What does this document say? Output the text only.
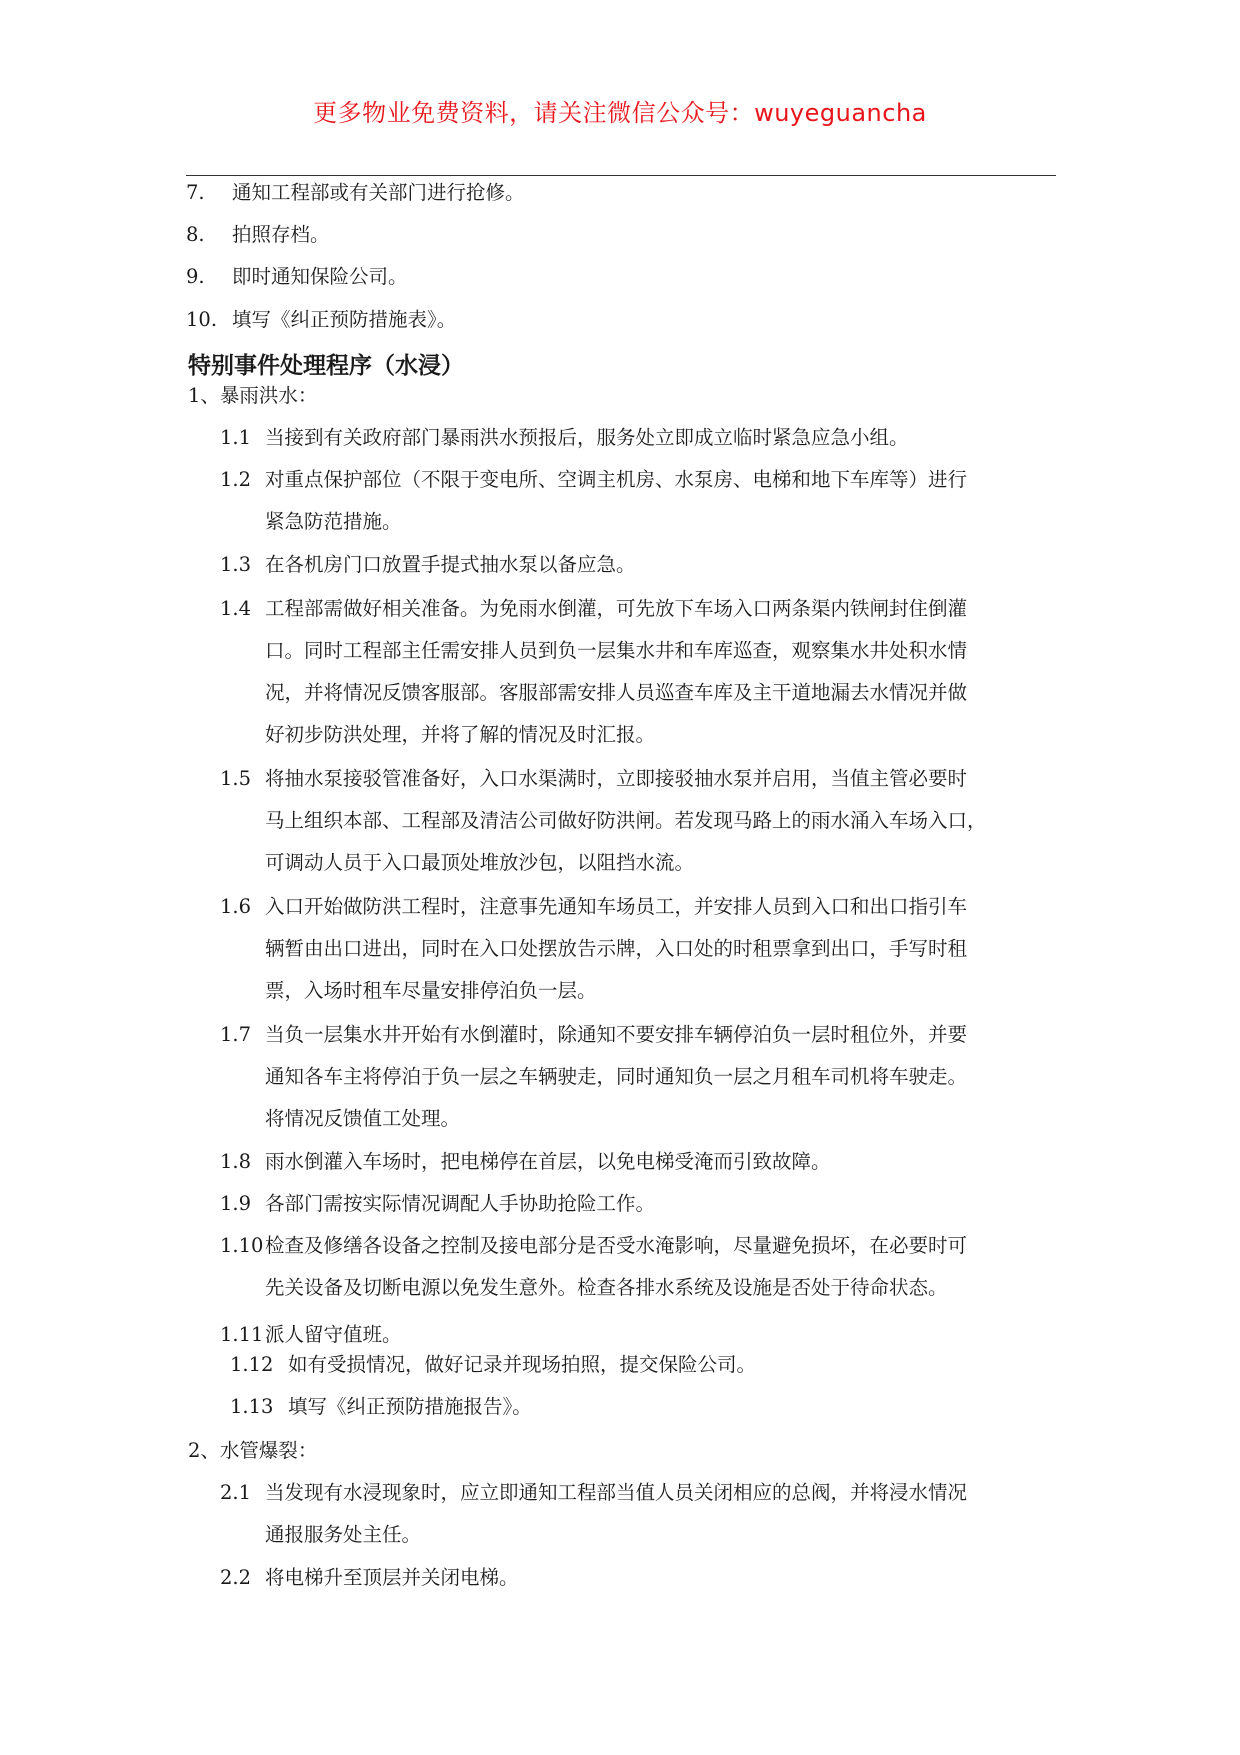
更多物业免费资料，请关注微信公众号：wuyeguancha
7. 通知工程部或有关部门进行抢修。
8. 拍照存档。
9. 即时通知保险公司。
10. 填写《纠正预防措施表》。
特别事件处理程序（水浸）
1、暴雨洪水：
1.1 当接到有关政府部门暴雨洪水预报后，服务处立即成立临时紧急应急小组。
1.2 对重点保护部位（不限于变电所、空调主机房、水泵房、电梯和地下车库等）进行
紧急防范措施。
1.3 在各机房门口放置手提式抽水泵以备应急。
1.4 工程部需做好相关准备。为免雨水倒灌，可先放下车场入口两条渠内铁闸封住倒灌
口。同时工程部主任需安排人员到负一层集水井和车库巡查，观察集水井处积水情
况，并将情况反馈客服部。客服部需安排人员巡查车库及主干道地漏去水情况并做
好初步防洪处理，并将了解的情况及时汇报。
1.5 将抽水泵接驳管准备好，入口水渠满时，立即接驳抽水泵并启用，当值主管必要时
马上组织本部、工程部及清洁公司做好防洪闸。若发现马路上的雨水涌入车场入口，
可调动人员于入口最顶处堆放沙包，以阻挡水流。
1.6 入口开始做防洪工程时，注意事先通知车场员工，并安排人员到入口和出口指引车
辆暂由出口进出，同时在入口处摆放告示牌，入口处的时租票拿到出口，手写时租
票，入场时租车尽量安排停泊负一层。
1.7 当负一层集水井开始有水倒灌时，除通知不要安排车辆停泊负一层时租位外，并要
通知各车主将停泊于负一层之车辆驶走，同时通知负一层之月租车司机将车驶走。
将情况反馈值工处理。
1.8 雨水倒灌入车场时，把电梯停在首层，以免电梯受淹而引致故障。
1.9 各部门需按实际情况调配人手协助抢险工作。
1.10检查及修缮各设备之控制及接电部分是否受水淹影响，尽量避免损坏，在必要时可
先关设备及切断电源以免发生意外。检查各排水系统及设施是否处于待命状态。
1.11派人留守值班。
1.12 如有受损情况，做好记录并现场拍照，提交保险公司。
1.13 填写《纠正预防措施报告》。
2、水管爆裂：
2.1 当发现有水浸现象时，应立即通知工程部当值人员关闭相应的总阀，并将浸水情况
通报服务处主任。
2.2 将电梯升至顶层并关闭电梯。
